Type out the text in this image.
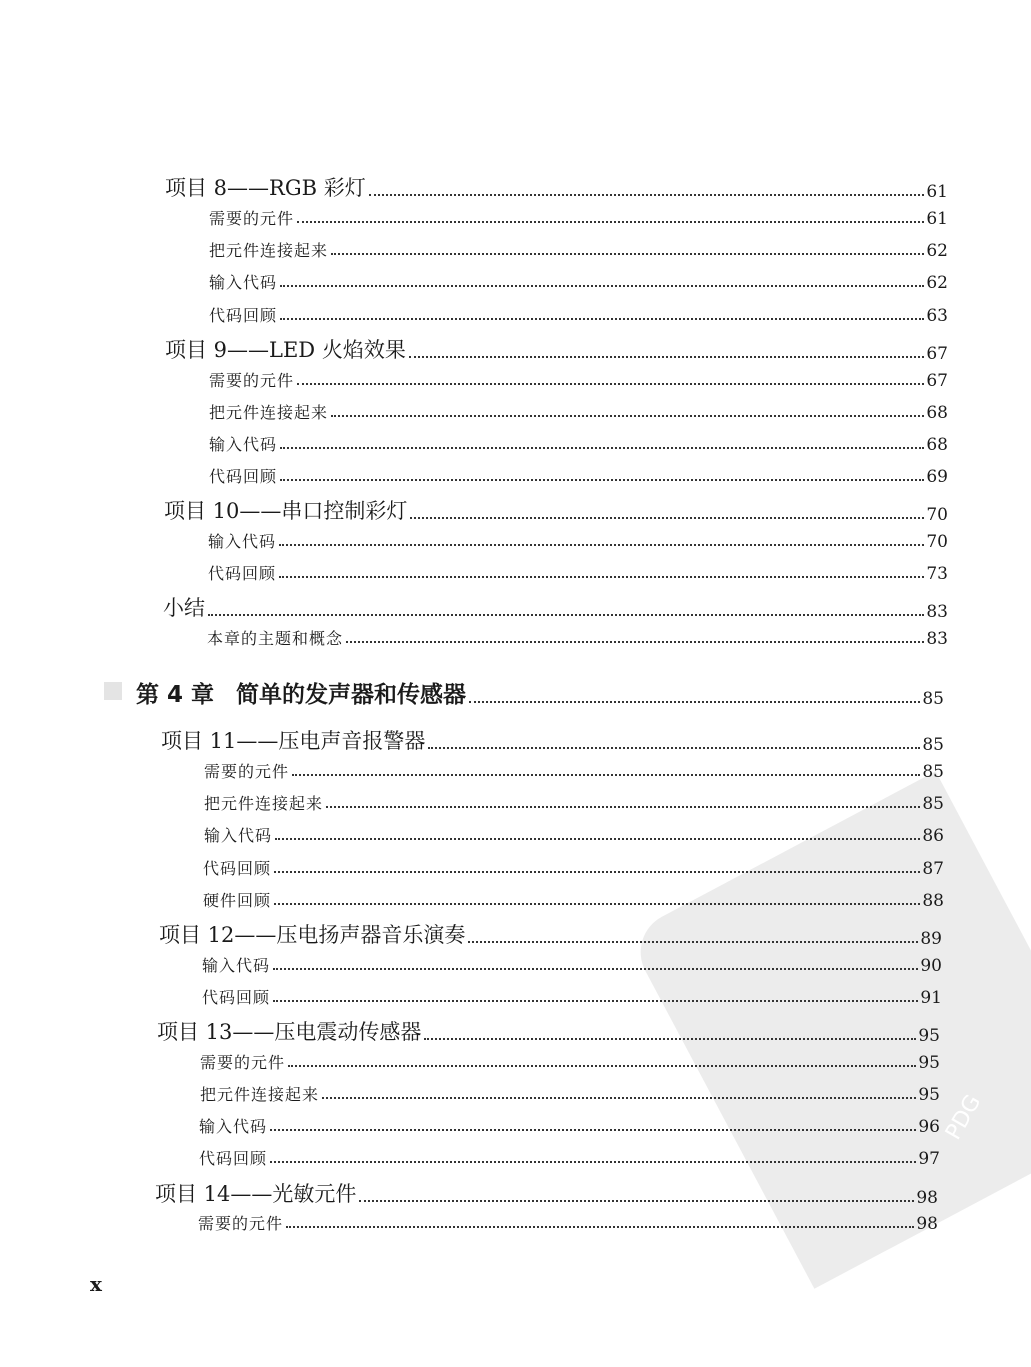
PDG
项目 8——RGB 彩灯	61
需要的元件	61
把元件连接起来	62
输入代码	62
代码回顾	63
项目 9——LED 火焰效果	67
需要的元件	67
把元件连接起来	68
输入代码	68
代码回顾	69
项目 10——串口控制彩灯	70
输入代码	70
代码回顾	73
小结	83
本章的主题和概念	83
第 4 章 简单的发声器和传感器	85
项目 11——压电声音报警器	85
需要的元件	85
把元件连接起来	85
输入代码	86
代码回顾	87
硬件回顾	88
项目 12——压电扬声器音乐演奏	89
输入代码	90
代码回顾	91
项目 13——压电震动传感器	95
需要的元件	95
把元件连接起来	95
输入代码	96
代码回顾	97
项目 14——光敏元件	98
需要的元件	98
x
